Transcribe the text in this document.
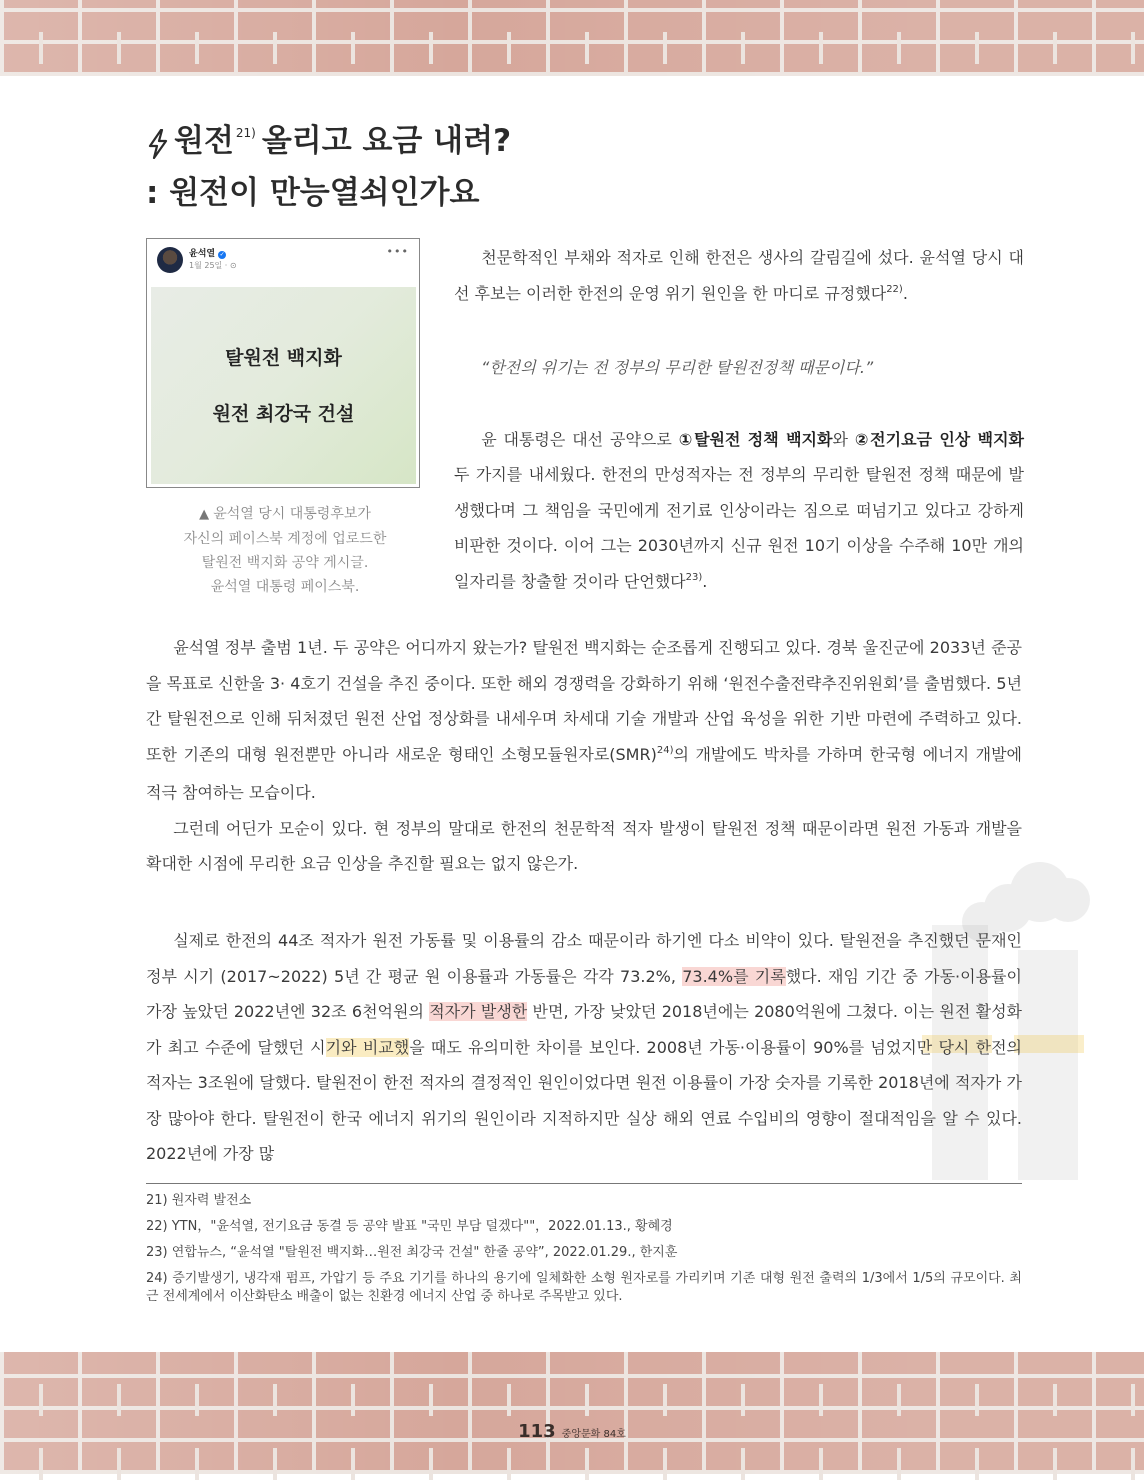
원전 21) 올리고 요금 내려?
: 원전이 만능열쇠인가요
윤석열 ✓
1월 25일 · ⊙
•••
탈원전 백지화
원전 최강국 건설
▲ 윤석열 당시 대통령후보가
자신의 페이스북 계정에 업로드한
탈원전 백지화 공약 게시글.
윤석열 대통령 페이스북.

천문학적인 부채와 적자로 인해 한전은 생사의 갈림길에 섰다. 윤석열 당시 대선 후보는 이러한 한전의 운영 위기 원인을 한 마디로 규정했다$^{22)}$.

“한전의 위기는 전 정부의 무리한 탈원전정책 때문이다.”

윤 대통령은 대선 공약으로 ①탈원전 정책 백지화와 ②전기요금 인상 백지화 두 가지를 내세웠다. 한전의 만성적자는 전 정부의 무리한 탈원전 정책 때문에 발생했다며 그 책임을 국민에게 전기료 인상이라는 짐으로 떠넘기고 있다고 강하게 비판한 것이다. 이어 그는 2030년까지 신규 원전 10기 이상을 수주해 10만 개의 일자리를 창출할 것이라 단언했다$^{23)}$.

윤석열 정부 출범 1년. 두 공약은 어디까지 왔는가? 탈원전 백지화는 순조롭게 진행되고 있다. 경북 울진군에 2033년 준공을 목표로 신한울 3· 4호기 건설을 추진 중이다. 또한 해외 경쟁력을 강화하기 위해 ‘원전수출전략추진위원회’를 출범했다. 5년 간 탈원전으로 인해 뒤처졌던 원전 산업 정상화를 내세우며 차세대 기술 개발과 산업 육성을 위한 기반 마련에 주력하고 있다. 또한 기존의 대형 원전뿐만 아니라 새로운 형태인 소형모듈원자로(SMR)$^{24)}$의 개발에도 박차를 가하며 한국형 에너지 개발에 적극 참여하는 모습이다.

그런데 어딘가 모순이 있다. 현 정부의 말대로 한전의 천문학적 적자 발생이 탈원전 정책 때문이라면 원전 가동과 개발을 확대한 시점에 무리한 요금 인상을 추진할 필요는 없지 않은가.

실제로 한전의 44조 적자가 원전 가동률 및 이용률의 감소 때문이라 하기엔 다소 비약이 있다. 탈원전을 추진했던 문재인 정부 시기 (2017~2022) 5년 간 평균 원 이용률과 가동률은 각각 73.2%, 73.4%를 기록했다. 재임 기간 중 가동·이용률이 가장 높았던 2022년엔 32조 6천억원의 적자가 발생한 반면, 가장 낮았던 2018년에는 2080억원에 그쳤다. 이는 원전 활성화가 최고 수준에 달했던 시기와 비교했을 때도 유의미한 차이를 보인다. 2008년 가동·이용률이 90%를 넘었지만 당시 한전의 적자는 3조원에 달했다. 탈원전이 한전 적자의 결정적인 원인이었다면 원전 이용률이 가장 숫자를 기록한 2018년에 적자가 가장 많아야 한다. 탈원전이 한국 에너지 위기의 원인이라 지적하지만 실상 해외 연료 수입비의 영향이 절대적임을 알 수 있다. 2022년에 가장 많

21) 원자력 발전소

22) YTN，"윤석열, 전기요금 동결 등 공약 발표 "국민 부담 덜겠다""，2022.01.13., 황혜경

23) 연합뉴스, “윤석열 "탈원전 백지화…원전 최강국 건설" 한줄 공약”, 2022.01.29., 한지훈

24) 증기발생기, 냉각재 펌프, 가압기 등 주요 기기를 하나의 용기에 일체화한 소형 원자로를 가리키며 기존 대형 원전 출력의 1/3에서 1/5의 규모이다. 최근 전세계에서 이산화탄소 배출이 없는 친환경 에너지 산업 중 하나로 주목받고 있다.

113 중앙문화 84호
